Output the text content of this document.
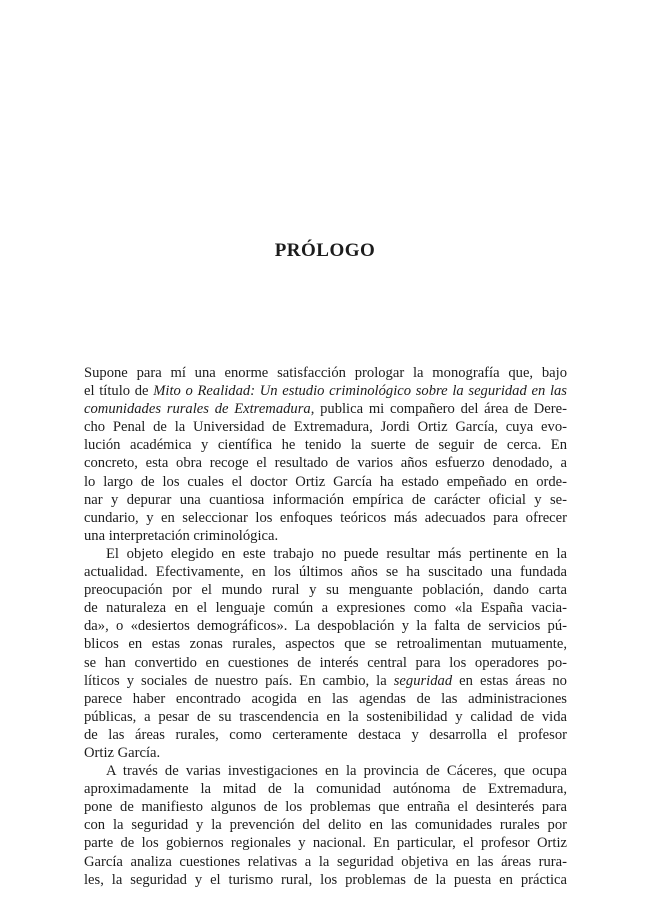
PRÓLOGO
Supone para mí una enorme satisfacción prologar la monografía que, bajo
el título de Mito o Realidad: Un estudio criminológico sobre la seguridad en las
comunidades rurales de Extremadura, publica mi compañero del área de Dere-
cho Penal de la Universidad de Extremadura, Jordi Ortiz García, cuya evo-
lución académica y científica he tenido la suerte de seguir de cerca. En
concreto, esta obra recoge el resultado de varios años esfuerzo denodado, a
lo largo de los cuales el doctor Ortiz García ha estado empeñado en orde-
nar y depurar una cuantiosa información empírica de carácter oficial y se-
cundario, y en seleccionar los enfoques teóricos más adecuados para ofrecer
una interpretación criminológica.
El objeto elegido en este trabajo no puede resultar más pertinente en la
actualidad. Efectivamente, en los últimos años se ha suscitado una fundada
preocupación por el mundo rural y su menguante población, dando carta
de naturaleza en el lenguaje común a expresiones como «la España vacia-
da», o «desiertos demográficos». La despoblación y la falta de servicios pú-
blicos en estas zonas rurales, aspectos que se retroalimentan mutuamente,
se han convertido en cuestiones de interés central para los operadores po-
líticos y sociales de nuestro país. En cambio, la seguridad en estas áreas no
parece haber encontrado acogida en las agendas de las administraciones
públicas, a pesar de su trascendencia en la sostenibilidad y calidad de vida
de las áreas rurales, como certeramente destaca y desarrolla el profesor
Ortiz García.
A través de varias investigaciones en la provincia de Cáceres, que ocupa
aproximadamente la mitad de la comunidad autónoma de Extremadura,
pone de manifiesto algunos de los problemas que entraña el desinterés para
con la seguridad y la prevención del delito en las comunidades rurales por
parte de los gobiernos regionales y nacional. En particular, el profesor Ortiz
García analiza cuestiones relativas a la seguridad objetiva en las áreas rura-
les, la seguridad y el turismo rural, los problemas de la puesta en práctica
